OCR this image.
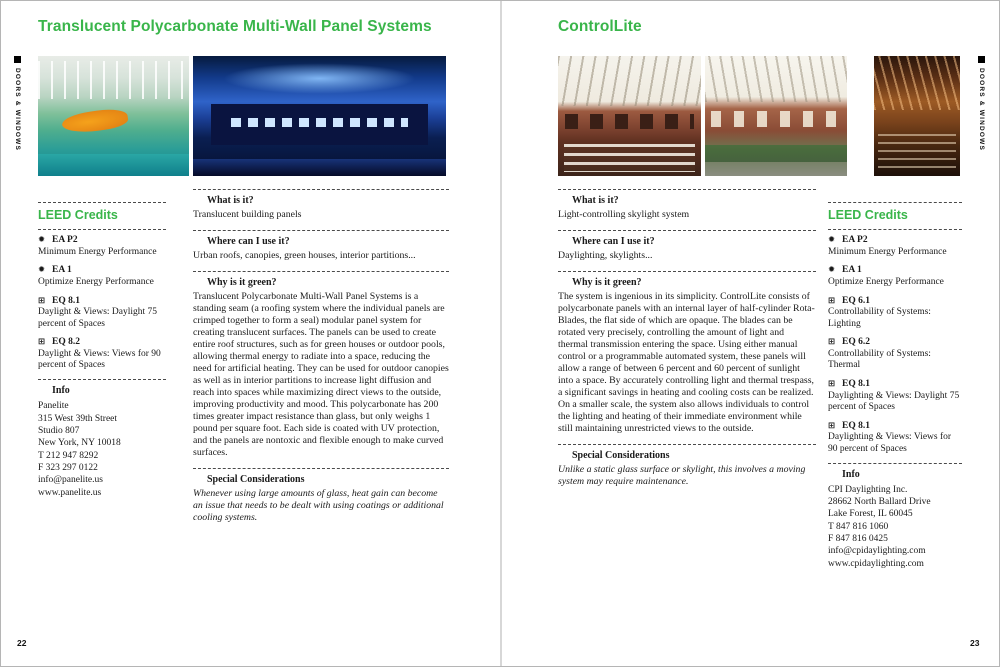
DOORS & WINDOWS	DOORS & WINDOWS
22	23
Translucent Polycarbonate Multi-Wall Panel Systems
LEED Credits
✹ EA P2
Minimum Energy Performance
✹ EA 1
Optimize Energy Performance
⊞ EQ 8.1
Daylight & Views: Daylight 75 percent of Spaces
⊞ EQ 8.2
Daylight & Views: Views for 90 percent of Spaces
Info
Panelite
315 West 39th Street
Studio 807
New York, NY 10018
T 212 947 8292
F 323 297 0122
info@panelite.us
www.panelite.us
What is it?

Translucent building panels

Where can I use it?

Urban roofs, canopies, green houses, interior partitions...

Why is it green?

Translucent Polycarbonate Multi-Wall Panel Systems is a standing seam (a roofing system where the individual panels are crimped together to form a seal) modular panel system for creating translucent surfaces. The panels can be used to create entire roof structures, such as for green houses or outdoor pools, allowing thermal energy to radiate into a space, reducing the need for artificial heating. They can be used for outdoor canopies as well as in interior partitions to increase light diffusion and reach into spaces while maximizing direct views to the outside, improving productivity and mood. This polycarbonate has 200 times greater impact resistance than glass, but only weighs 1 pound per square foot. Each side is coated with UV protection, and the panels are nontoxic and flexible enough to make curved surfaces.

Special Considerations

Whenever using large amounts of glass, heat gain can become an issue that needs to be dealt with using coatings or additional cooling systems.

ControlLite
What is it?

Light-controlling skylight system

Where can I use it?

Daylighting, skylights...

Why is it green?

The system is ingenious in its simplicity. ControlLite consists of polycarbonate panels with an internal layer of half-cylinder Rota-Blades, the flat side of which are opaque. The blades can be rotated very precisely, controlling the amount of light and thermal transmission entering the space. Using either manual control or a programmable automated system, these panels will allow a range of between 6 percent and 60 percent of sunlight into a space. By accurately controlling light and thermal trespass, a significant savings in heating and cooling costs can be realized. On a smaller scale, the system also allows individuals to control the lighting and heating of their immediate environment while still maintaining unrestricted views to the outside.

Special Considerations

Unlike a static glass surface or skylight, this involves a moving system may require maintenance.

LEED Credits
✹ EA P2
Minimum Energy Performance
✹ EA 1
Optimize Energy Performance
⊞ EQ 6.1
Controllability of Systems: Lighting
⊞ EQ 6.2
Controllability of Systems: Thermal
⊞ EQ 8.1
Daylighting & Views: Daylight 75 percent of Spaces
⊞ EQ 8.1
Daylighting & Views: Views for 90 percent of Spaces
Info
CPI Daylighting Inc.
28662 North Ballard Drive
Lake Forest, IL 60045
T 847 816 1060
F 847 816 0425
info@cpidaylighting.com
www.cpidaylighting.com
